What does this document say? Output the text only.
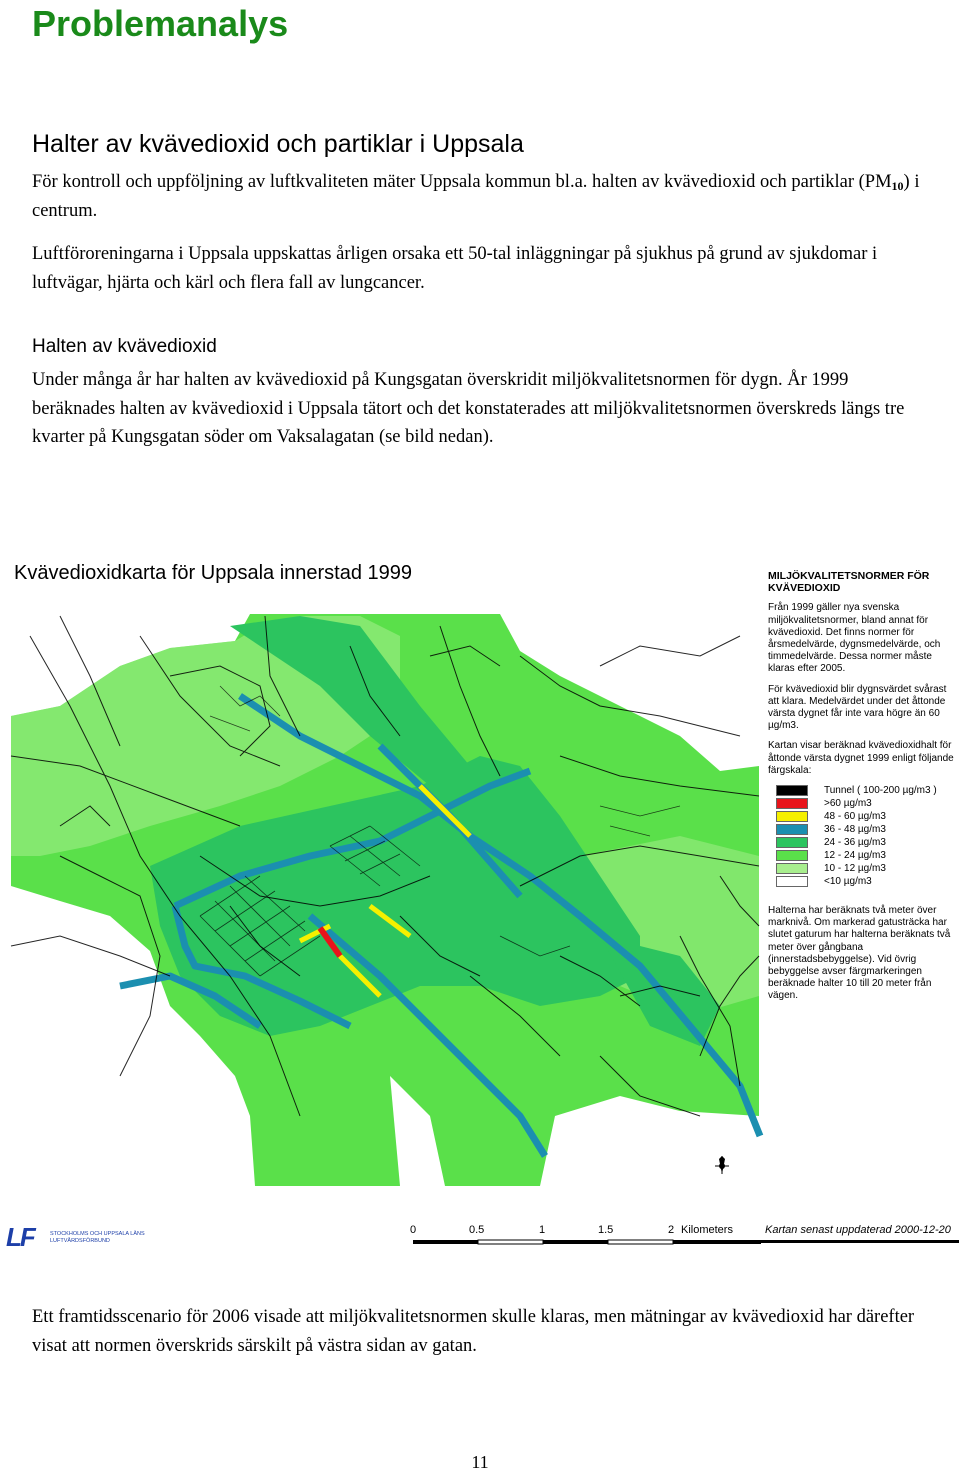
Problemanalys
Halter av kvävedioxid och partiklar i Uppsala

För kontroll och uppföljning av luftkvaliteten mäter Uppsala kommun bl.a. halten av kvävedioxid och partiklar $(PM_{10})$ i centrum.

Luftföroreningarna i Uppsala uppskattas årligen orsaka ett 50-tal inläggningar på sjukhus på grund av sjukdomar i luftvägar, hjärta och kärl och flera fall av lungcancer.

Halten av kvävedioxid

Under många år har halten av kvävedioxid på Kungsgatan överskridit miljökvalitetsnormen för dygn. År 1999 beräknades halten av kvävedioxid i Uppsala tätort och det konstaterades att miljökvalitetsnormen överskreds längs tre kvarter på Kungsgatan söder om Vaksalagatan (se bild nedan).

Kvävedioxidkarta för Uppsala innerstad 1999	MILJÖKVALITETSNORMER FÖR KVÄVEDIOXID

Från 1999 gäller nya svenska miljökvalitetsnormer, bland annat för kvävedioxid. Det finns normer för årsmedelvärde, dygnsmedelvärde, och timmedelvärde. Dessa normer måste klaras efter 2005.

För kvävedioxid blir dygnsvärdet svårast att klara. Medelvärdet under det åttonde värsta dygnet får inte vara högre än 60 µg/m3.

Kartan visar beräknad kvävedioxidhalt för åttonde värsta dygnet 1999 enligt följande färgskala:

Tunnel ( 100-200 µg/m3 )
>60 µg/m3
48 - 60 µg/m3
36 - 48 µg/m3
24 - 36 µg/m3
12 - 24 µg/m3
10 - 12 µg/m3
<10 µg/m3

Halterna har beräknats två meter över marknivå. Om markerad gatusträcka har slutet gaturum har halterna beräknats två meter över gångbana (innerstadsbebyggelse). Vid övrig bebyggelse avser färgmarkeringen beräknade halter 10 till 20 meter från vägen.

LF	STOCKHOLMS OCH UPPSALA LÄNS LUFTVÅRDSFÖRBUND
0	0.5	1	1.5	2 Kilometers	Kartan senast uppdaterad 2000-12-20

Ett framtidsscenario för 2006 visade att miljökvalitetsnormen skulle klaras, men mätningar av kvävedioxid har därefter visat att normen överskrids särskilt på västra sidan av gatan.

11
